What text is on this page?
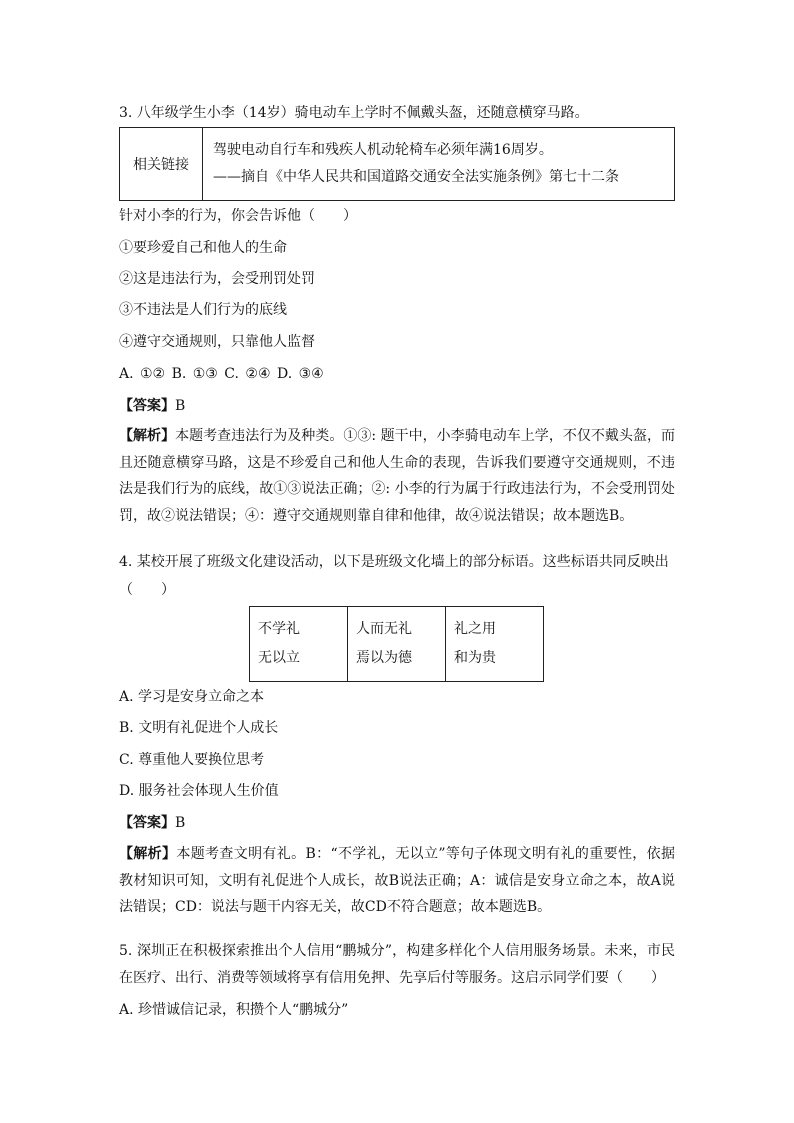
3. 八年级学生小李（14岁）骑电动车上学时不佩戴头盔，还随意横穿马路。
相关链接	
驾驶电动自行车和残疾人机动轮椅车必须年满16周岁。
——摘自《中华人民共和国道路交通安全法实施条例》第七十二条
针对小李的行为，你会告诉他（　　）
①要珍爱自己和他人的生命
②这是违法行为，会受刑罚处罚
③不违法是人们行为的底线
④遵守交通规则，只靠他人监督
A. ①② B. ①③ C. ②④ D. ③④
【答案】B
【解析】本题考查违法行为及种类。①③: 题干中，小李骑电动车上学，不仅不戴头盔，而且还随意横穿马路，这是不珍爱自己和他人生命的表现，告诉我们要遵守交通规则，不违法是我们行为的底线，故①③说法正确；②: 小李的行为属于行政违法行为，不会受刑罚处罚，故②说法错误；④：遵守交通规则靠自律和他律，故④说法错误；故本题选B。
4. 某校开展了班级文化建设活动，以下是班级文化墙上的部分标语。这些标语共同反映出
（　　）
不学礼
无以立

人而无礼
焉以为德

礼之用
和为贵
A. 学习是安身立命之本
B. 文明有礼促进个人成长
C. 尊重他人要换位思考
D. 服务社会体现人生价值
【答案】B
【解析】本题考查文明有礼。B：“不学礼，无以立”等句子体现文明有礼的重要性，依据教材知识可知，文明有礼促进个人成长，故B说法正确；A：诚信是安身立命之本，故A说法错误；CD：说法与题干内容无关，故CD不符合题意；故本题选B。
5. 深圳正在积极探索推出个人信用“鹏城分”，构建多样化个人信用服务场景。未来，市民在医疗、出行、消费等领域将享有信用免押、先享后付等服务。这启示同学们要（　　）
A. 珍惜诚信记录，积攒个人“鹏城分”
